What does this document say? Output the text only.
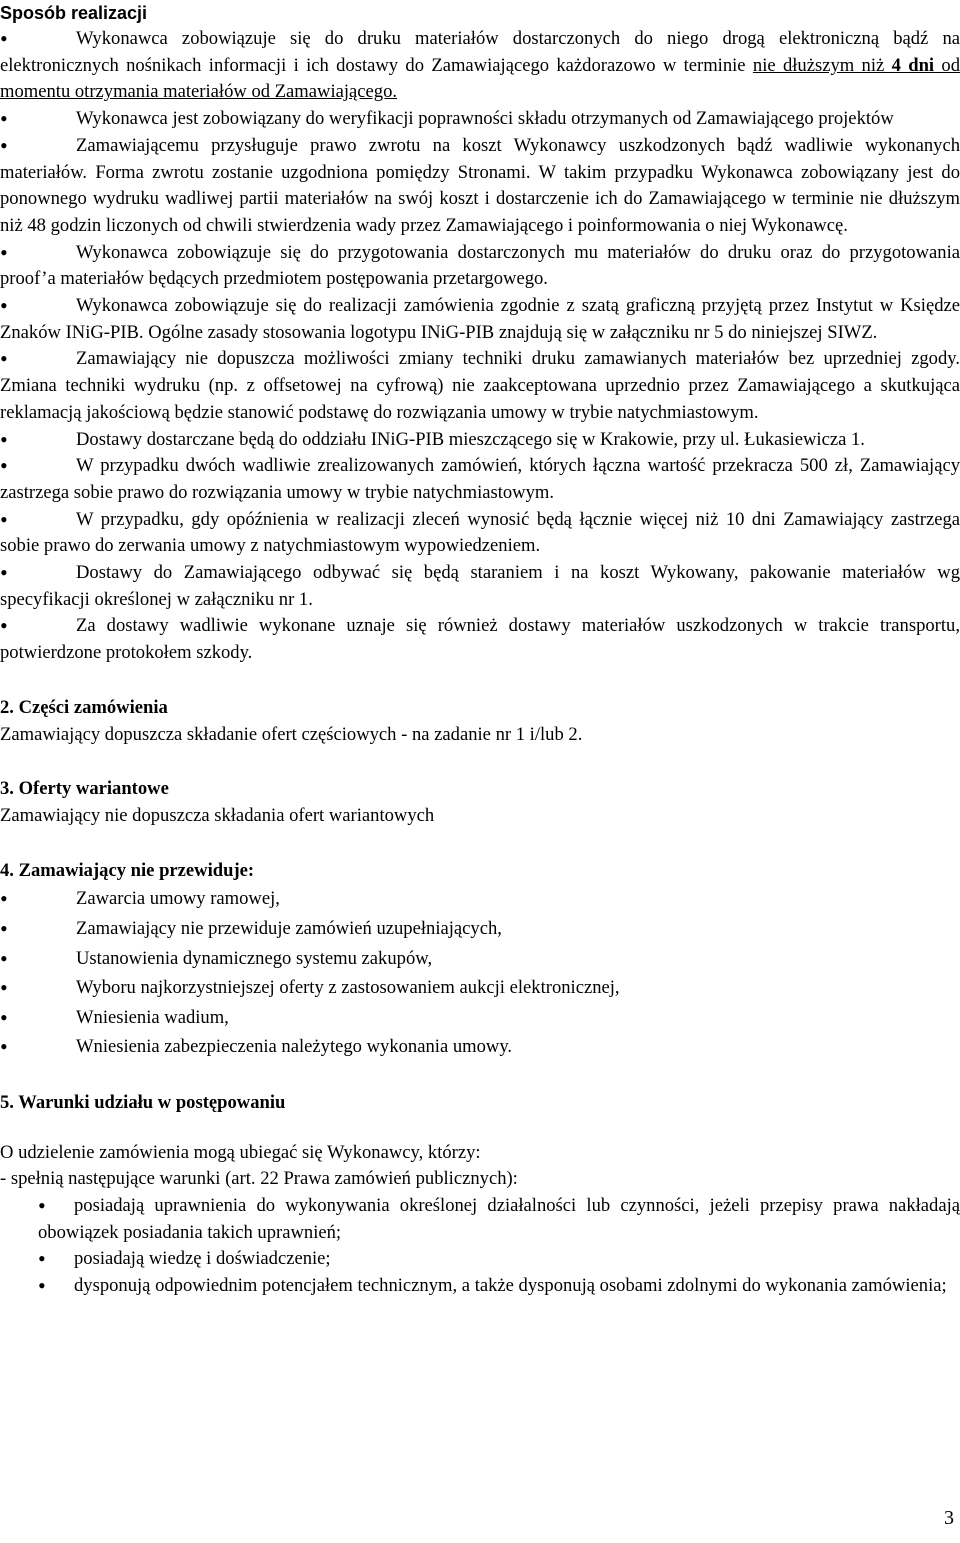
Sposób realizacji

• Wykonawca zobowiązuje się do druku materiałów dostarczonych do niego drogą elektroniczną bądź na elektronicznych nośnikach informacji i ich dostawy do Zamawiającego każdorazowo w terminie nie dłuższym niż 4 dni od momentu otrzymania materiałów od Zamawiającego.

• Wykonawca jest zobowiązany do weryfikacji poprawności składu otrzymanych od Zamawiającego projektów

• Zamawiającemu przysługuje prawo zwrotu na koszt Wykonawcy uszkodzonych bądź wadliwie wykonanych materiałów. Forma zwrotu zostanie uzgodniona pomiędzy Stronami. W takim przypadku Wykonawca zobowiązany jest do ponownego wydruku wadliwej partii materiałów na swój koszt i dostarczenie ich do Zamawiającego w terminie nie dłuższym niż 48 godzin liczonych od chwili stwierdzenia wady przez Zamawiającego i poinformowania o niej Wykonawcę.

• Wykonawca zobowiązuje się do przygotowania dostarczonych mu materiałów do druku oraz do przygotowania proof’a materiałów będących przedmiotem postępowania przetargowego.

• Wykonawca zobowiązuje się do realizacji zamówienia zgodnie z szatą graficzną przyjętą przez Instytut w Księdze Znaków INiG-PIB. Ogólne zasady stosowania logotypu INiG-PIB znajdują się w załączniku nr 5 do niniejszej SIWZ.

• Zamawiający nie dopuszcza możliwości zmiany techniki druku zamawianych materiałów bez uprzedniej zgody. Zmiana techniki wydruku (np. z offsetowej na cyfrową) nie zaakceptowana uprzednio przez Zamawiającego a skutkująca reklamacją jakościową będzie stanowić podstawę do rozwiązania umowy w trybie natychmiastowym.

• Dostawy dostarczane będą do oddziału INiG-PIB mieszczącego się w Krakowie, przy ul. Łukasiewicza 1.

• W przypadku dwóch wadliwie zrealizowanych zamówień, których łączna wartość przekracza 500 zł, Zamawiający zastrzega sobie prawo do rozwiązania umowy w trybie natychmiastowym.

• W przypadku, gdy opóźnienia w realizacji zleceń wynosić będą łącznie więcej niż 10 dni Zamawiający zastrzega sobie prawo do zerwania umowy z natychmiastowym wypowiedzeniem.

• Dostawy do Zamawiającego odbywać się będą staraniem i na koszt Wykowany, pakowanie materiałów wg specyfikacji określonej w załączniku nr 1.

• Za dostawy wadliwie wykonane uznaje się również dostawy materiałów uszkodzonych w trakcie transportu, potwierdzone protokołem szkody.

2. Części zamówienia

Zamawiający dopuszcza składanie ofert częściowych - na zadanie nr 1 i/lub 2.

3. Oferty wariantowe

Zamawiający nie dopuszcza składania ofert wariantowych

4. Zamawiający nie przewiduje:

• Zawarcia umowy ramowej,
• Zamawiający nie przewiduje zamówień uzupełniających,
• Ustanowienia dynamicznego systemu zakupów,
• Wyboru najkorzystniejszej oferty z zastosowaniem aukcji elektronicznej,
• Wniesienia wadium,
• Wniesienia zabezpieczenia należytego wykonania umowy.

5. Warunki udziału w postępowaniu

O udzielenie zamówienia mogą ubiegać się Wykonawcy, którzy:

- spełnią następujące warunki (art. 22 Prawa zamówień publicznych):

• posiadają uprawnienia do wykonywania określonej działalności lub czynności, jeżeli przepisy prawa nakładają obowiązek posiadania takich uprawnień;

• posiadają wiedzę i doświadczenie;

• dysponują odpowiednim potencjałem technicznym, a także dysponują osobami zdolnymi do wykonania zamówienia;

3
